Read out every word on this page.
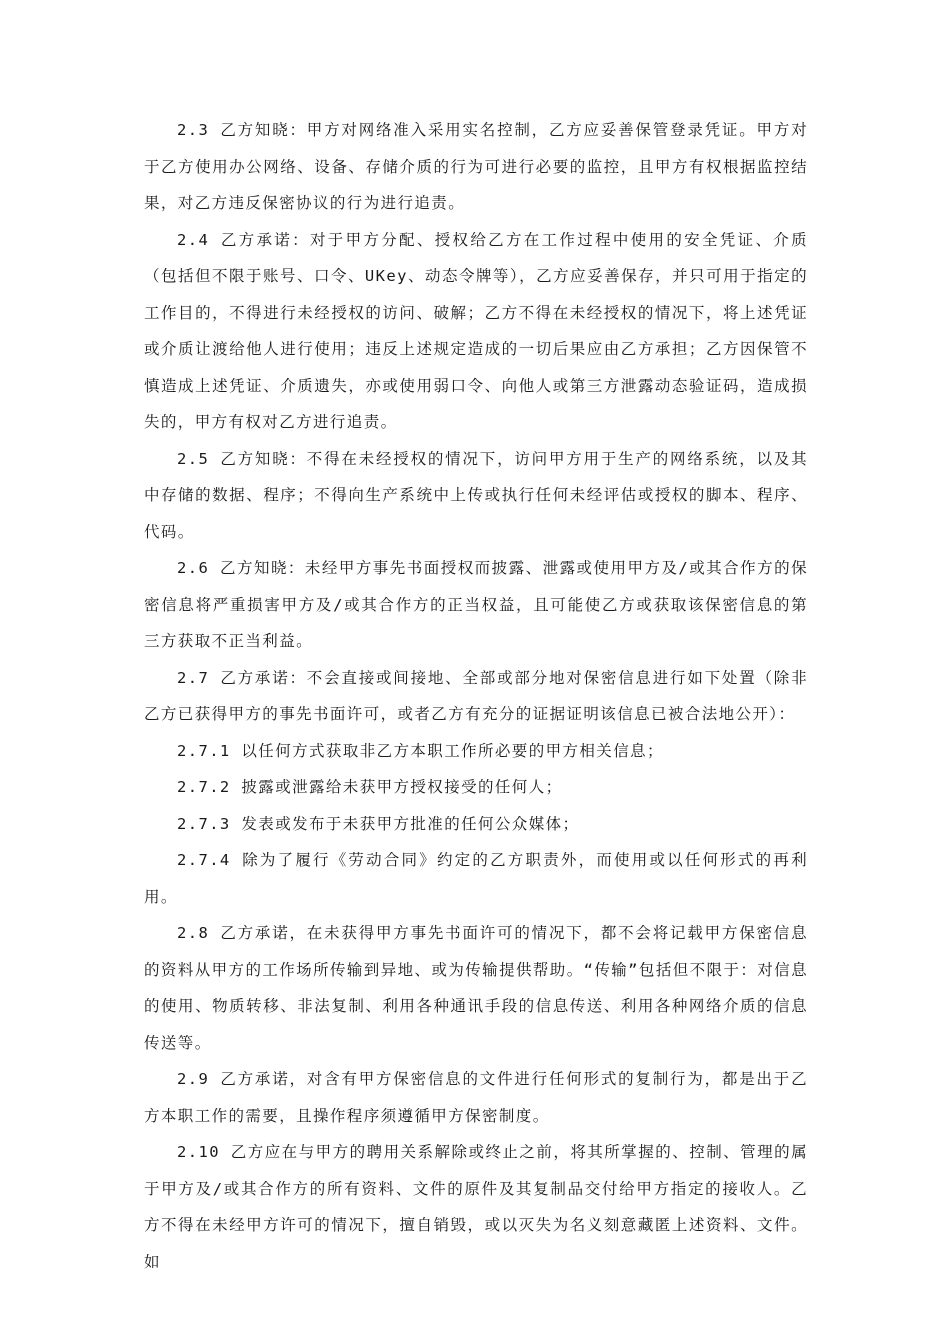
2.3 乙方知晓：甲方对网络准入采用实名控制，乙方应妥善保管登录凭证。甲方对于乙方使用办公网络、设备、存储介质的行为可进行必要的监控，且甲方有权根据监控结果，对乙方违反保密协议的行为进行追责。

2.4 乙方承诺：对于甲方分配、授权给乙方在工作过程中使用的安全凭证、介质（包括但不限于账号、口令、UKey、动态令牌等），乙方应妥善保存，并只可用于指定的工作目的，不得进行未经授权的访问、破解；乙方不得在未经授权的情况下，将上述凭证或介质让渡给他人进行使用；违反上述规定造成的一切后果应由乙方承担；乙方因保管不慎造成上述凭证、介质遗失，亦或使用弱口令、向他人或第三方泄露动态验证码，造成损失的，甲方有权对乙方进行追责。

2.5 乙方知晓：不得在未经授权的情况下，访问甲方用于生产的网络系统，以及其中存储的数据、程序；不得向生产系统中上传或执行任何未经评估或授权的脚本、程序、代码。

2.6 乙方知晓：未经甲方事先书面授权而披露、泄露或使用甲方及/或其合作方的保密信息将严重损害甲方及/或其合作方的正当权益，且可能使乙方或获取该保密信息的第三方获取不正当利益。

2.7 乙方承诺：不会直接或间接地、全部或部分地对保密信息进行如下处置（除非乙方已获得甲方的事先书面许可，或者乙方有充分的证据证明该信息已被合法地公开）：

2.7.1 以任何方式获取非乙方本职工作所必要的甲方相关信息；

2.7.2 披露或泄露给未获甲方授权接受的任何人；

2.7.3 发表或发布于未获甲方批准的任何公众媒体；

2.7.4 除为了履行《劳动合同》约定的乙方职责外，而使用或以任何形式的再利用。

2.8 乙方承诺，在未获得甲方事先书面许可的情况下，都不会将记载甲方保密信息的资料从甲方的工作场所传输到异地、或为传输提供帮助。“传输”包括但不限于：对信息的使用、物质转移、非法复制、利用各种通讯手段的信息传送、利用各种网络介质的信息传送等。

2.9 乙方承诺，对含有甲方保密信息的文件进行任何形式的复制行为，都是出于乙方本职工作的需要，且操作程序须遵循甲方保密制度。

2.10 乙方应在与甲方的聘用关系解除或终止之前，将其所掌握的、控制、管理的属于甲方及/或其合作方的所有资料、文件的原件及其复制品交付给甲方指定的接收人。乙方不得在未经甲方许可的情况下，擅自销毁，或以灭失为名义刻意藏匿上述资料、文件。如
